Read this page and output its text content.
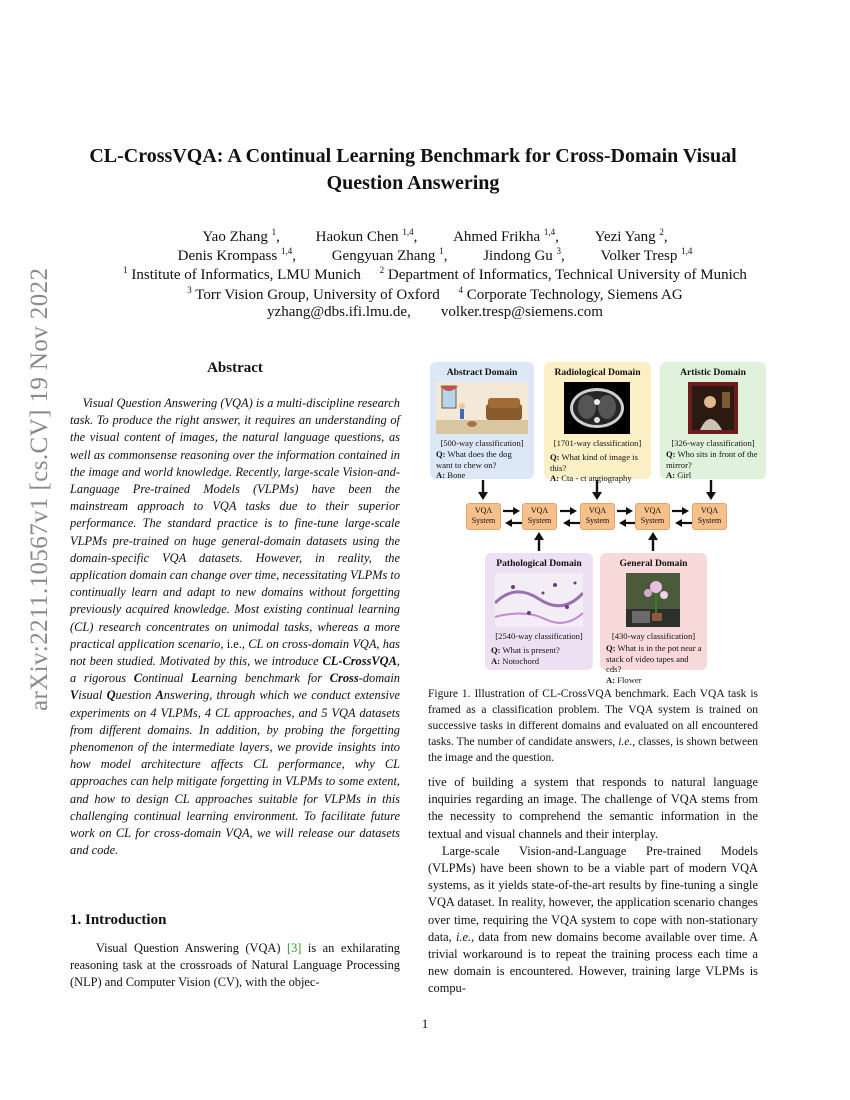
arXiv:2211.10567v1 [cs.CV] 19 Nov 2022
CL-CrossVQA: A Continual Learning Benchmark for Cross-Domain Visual Question Answering
Yao Zhang $^1$, Haokun Chen $^{1,4}$, Ahmed Frikha $^{1,4}$, Yezi Yang $^2$,
Denis Krompass $^{1,4}$, Gengyuan Zhang $^1$, Jindong Gu $^3$, Volker Tresp $^{1,4}$
$^1$ Institute of Informatics, LMU Munich $^2$ Department of Informatics, Technical University of Munich
$^3$ Torr Vision Group, University of Oxford $^4$ Corporate Technology, Siemens AG
yzhang@dbs.ifi.lmu.de, volker.tresp@siemens.com
Abstract
Visual Question Answering (VQA) is a multi-discipline research task. To produce the right answer, it requires an understanding of the visual content of images, the natural language questions, as well as commonsense reasoning over the information contained in the image and world knowledge. Recently, large-scale Vision-and-Language Pre-trained Models (VLPMs) have been the mainstream approach to VQA tasks due to their superior performance. The standard practice is to fine-tune large-scale VLPMs pre-trained on huge general-domain datasets using the domain-specific VQA datasets. However, in reality, the application domain can change over time, necessitating VLPMs to continually learn and adapt to new domains without forgetting previously acquired knowledge. Most existing continual learning (CL) research concentrates on unimodal tasks, whereas a more practical application scenario, i.e., CL on cross-domain VQA, has not been studied. Motivated by this, we introduce CL-CrossVQA, a rigorous Continual Learning benchmark for Cross-domain Visual Question Answering, through which we conduct extensive experiments on 4 VLPMs, 4 CL approaches, and 5 VQA datasets from different domains. In addition, by probing the forgetting phenomenon of the intermediate layers, we provide insights into how model architecture affects CL performance, why CL approaches can help mitigate forgetting in VLPMs to some extent, and how to design CL approaches suitable for VLPMs in this challenging continual learning environment. To facilitate future work on CL for cross-domain VQA, we will release our datasets and code.
1. Introduction
Visual Question Answering (VQA) [3] is an exhilarating reasoning task at the crossroads of Natural Language Processing (NLP) and Computer Vision (CV), with the objec-
Abstract Domain
[500-way classification]
Q: What does the dog want to chew on?
A: Bone
Radiological Domain
[1701-way classification]
Q: What kind of image is this?
A: Cta - ct angiography
Artistic Domain
[326-way classification]
Q: Who sits in front of the mirror?
A: Girl
VQA
System
VQA
System
VQA
System
VQA
System
VQA
System
Pathological Domain
[2540-way classification]
Q: What is present?
A: Notochord
General Domain
[430-way classification]
Q: What is in the pot near a stack of video tapes and cds?
A: Flower
Figure 1. Illustration of CL-CrossVQA benchmark. Each VQA task is framed as a classification problem. The VQA system is trained on successive tasks in different domains and evaluated on all encountered tasks. The number of candidate answers, i.e., classes, is shown between the image and the question.

tive of building a system that responds to natural language inquiries regarding an image. The challenge of VQA stems from the necessity to comprehend the semantic information in the textual and visual channels and their interplay.

Large-scale Vision-and-Language Pre-trained Models (VLPMs) have been shown to be a viable part of modern VQA systems, as it yields state-of-the-art results by fine-tuning a single VQA dataset. In reality, however, the application scenario changes over time, requiring the VQA system to cope with non-stationary data, i.e., data from new domains become available over time. A trivial workaround is to repeat the training process each time a new domain is encountered. However, training large VLPMs is compu-

1
